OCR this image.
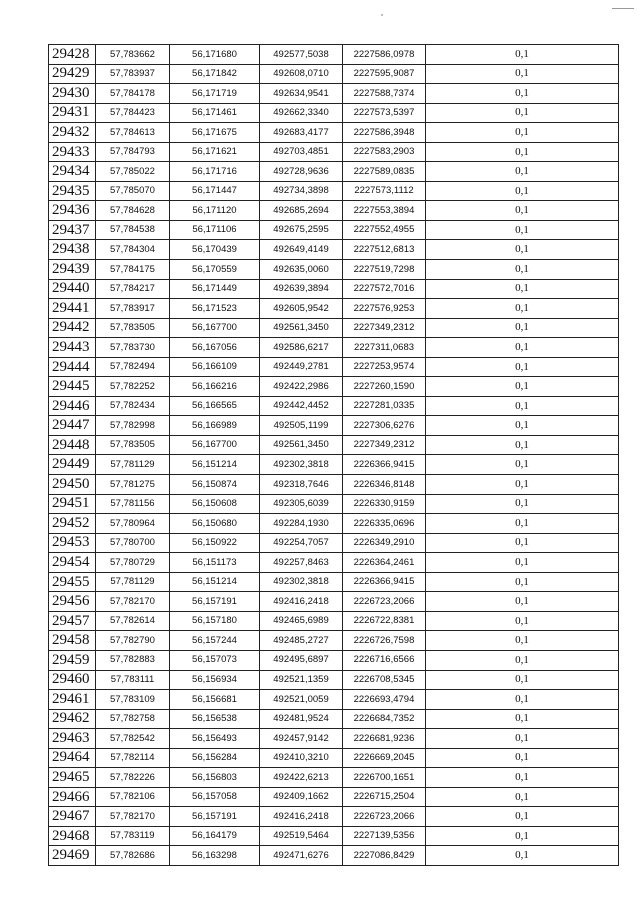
29428	57,783662	56,171680	492577,5038	2227586,0978	0,1
29429	57,783937	56,171842	492608,0710	2227595,9087	0,1
29430	57,784178	56,171719	492634,9541	2227588,7374	0,1
29431	57,784423	56,171461	492662,3340	2227573,5397	0,1
29432	57,784613	56,171675	492683,4177	2227586,3948	0,1
29433	57,784793	56,171621	492703,4851	2227583,2903	0,1
29434	57,785022	56,171716	492728,9636	2227589,0835	0,1
29435	57,785070	56,171447	492734,3898	2227573,1112	0,1
29436	57,784628	56,171120	492685,2694	2227553,3894	0,1
29437	57,784538	56,171106	492675,2595	2227552,4955	0,1
29438	57,784304	56,170439	492649,4149	2227512,6813	0,1
29439	57,784175	56,170559	492635,0060	2227519,7298	0,1
29440	57,784217	56,171449	492639,3894	2227572,7016	0,1
29441	57,783917	56,171523	492605,9542	2227576,9253	0,1
29442	57,783505	56,167700	492561,3450	2227349,2312	0,1
29443	57,783730	56,167056	492586,6217	2227311,0683	0,1
29444	57,782494	56,166109	492449,2781	2227253,9574	0,1
29445	57,782252	56,166216	492422,2986	2227260,1590	0,1
29446	57,782434	56,166565	492442,4452	2227281,0335	0,1
29447	57,782998	56,166989	492505,1199	2227306,6276	0,1
29448	57,783505	56,167700	492561,3450	2227349,2312	0,1
29449	57,781129	56,151214	492302,3818	2226366,9415	0,1
29450	57,781275	56,150874	492318,7646	2226346,8148	0,1
29451	57,781156	56,150608	492305,6039	2226330,9159	0,1
29452	57,780964	56,150680	492284,1930	2226335,0696	0,1
29453	57,780700	56,150922	492254,7057	2226349,2910	0,1
29454	57,780729	56,151173	492257,8463	2226364,2461	0,1
29455	57,781129	56,151214	492302,3818	2226366,9415	0,1
29456	57,782170	56,157191	492416,2418	2226723,2066	0,1
29457	57,782614	56,157180	492465,6989	2226722,8381	0,1
29458	57,782790	56,157244	492485,2727	2226726,7598	0,1
29459	57,782883	56,157073	492495,6897	2226716,6566	0,1
29460	57,783111	56,156934	492521,1359	2226708,5345	0,1
29461	57,783109	56,156681	492521,0059	2226693,4794	0,1
29462	57,782758	56,156538	492481,9524	2226684,7352	0,1
29463	57,782542	56,156493	492457,9142	2226681,9236	0,1
29464	57,782114	56,156284	492410,3210	2226669,2045	0,1
29465	57,782226	56,156803	492422,6213	2226700,1651	0,1
29466	57,782106	56,157058	492409,1662	2226715,2504	0,1
29467	57,782170	56,157191	492416,2418	2226723,2066	0,1
29468	57,783119	56,164179	492519,5464	2227139,5356	0,1
29469	57,782686	56,163298	492471,6276	2227086,8429	0,1
